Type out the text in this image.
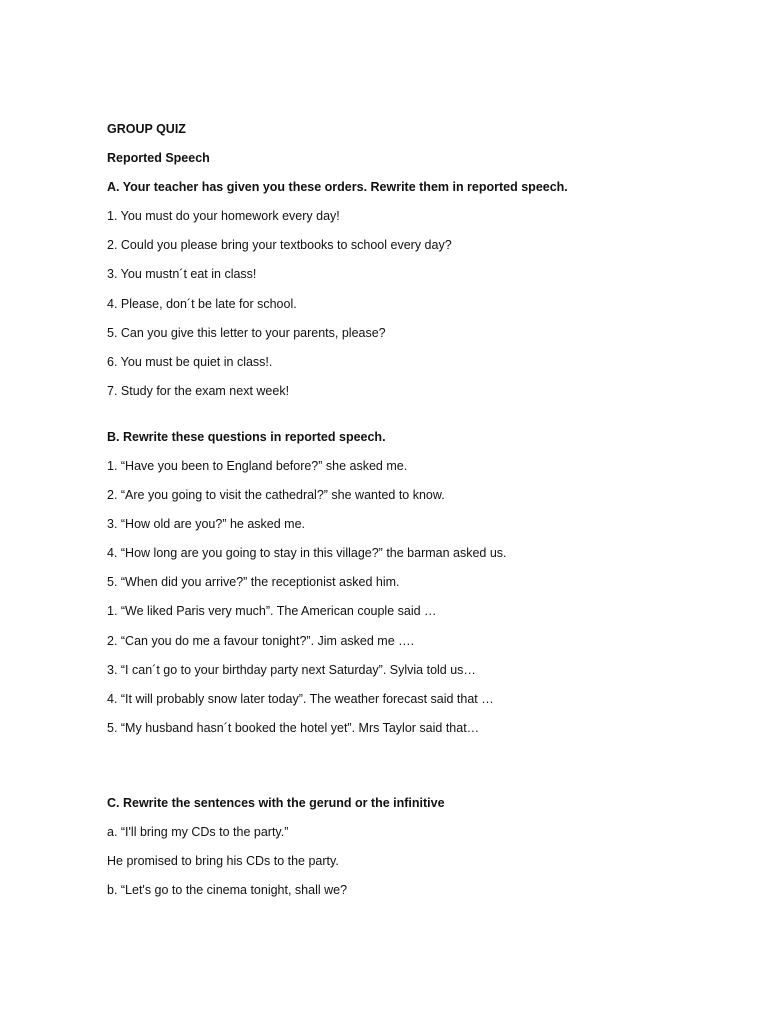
GROUP QUIZ
Reported Speech
A. Your teacher has given you these orders. Rewrite them in reported speech.
1. You must do your homework every day!
2. Could you please bring your textbooks to school every day?
3. You mustn´t eat in class!
4. Please, don´t be late for school.
5. Can you give this letter to your parents, please?
6. You must be quiet in class!.
7. Study for the exam next week!
B. Rewrite these questions in reported speech.
1. “Have you been to England before?” she asked me.
2. “Are you going to visit the cathedral?” she wanted to know.
3. “How old are you?” he asked me.
4. “How long are you going to stay in this village?” the barman asked us.
5. “When did you arrive?” the receptionist asked him.
1. “We liked Paris very much”. The American couple said …
2. “Can you do me a favour tonight?”. Jim asked me ….
3. “I can´t go to your birthday party next Saturday”. Sylvia told us…
4. “It will probably snow later today”. The weather forecast said that …
5. “My husband hasn´t booked the hotel yet”. Mrs Taylor said that…
C. Rewrite the sentences with the gerund or the infinitive
a. “I'll bring my CDs to the party.”
He promised to bring his CDs to the party.
b. “Let's go to the cinema tonight, shall we?
